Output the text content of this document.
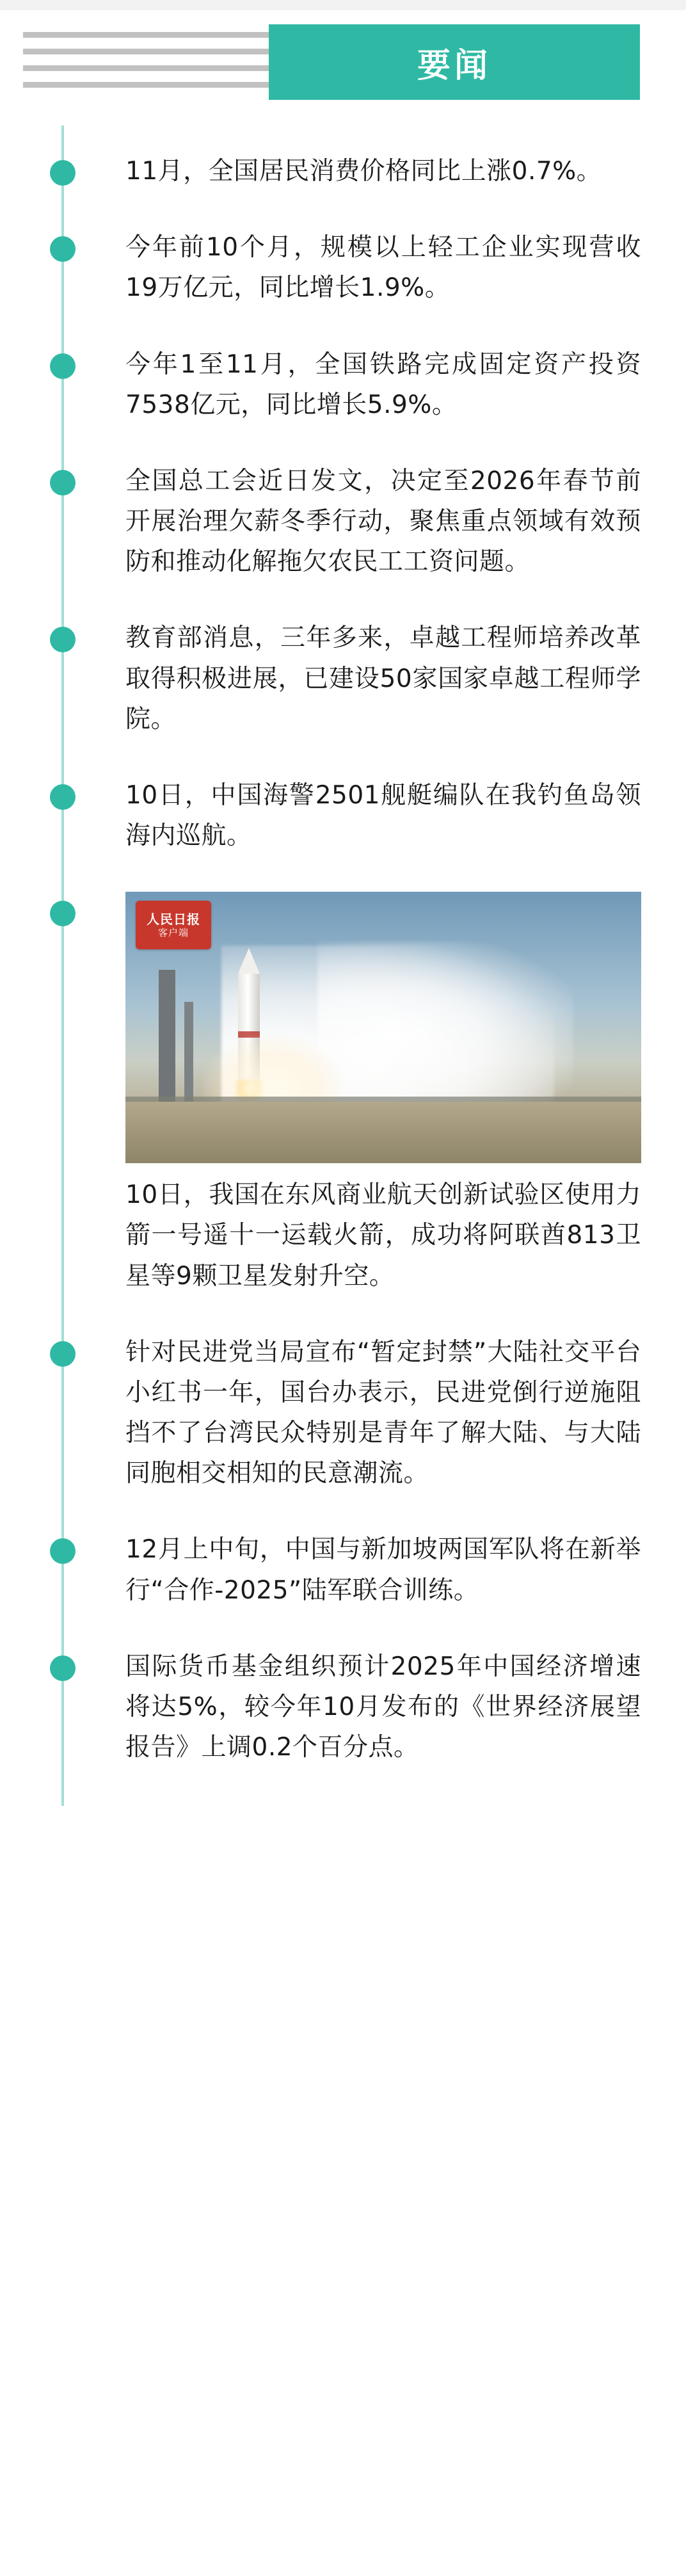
要闻
11月，全国居民消费价格同比上涨0.7%。
今年前10个月，规模以上轻工企业实现营收19万亿元，同比增长1.9%。
今年1至11月，全国铁路完成固定资产投资7538亿元，同比增长5.9%。
全国总工会近日发文，决定至2026年春节前开展治理欠薪冬季行动，聚焦重点领域有效预防和推动化解拖欠农民工工资问题。
教育部消息，三年多来，卓越工程师培养改革取得积极进展，已建设50家国家卓越工程师学院。
10日，中国海警2501舰艇编队在我钓鱼岛领海内巡航。
人民日报
客户端
10日，我国在东风商业航天创新试验区使用力箭一号遥十一运载火箭，成功将阿联酋813卫星等9颗卫星发射升空。
针对民进党当局宣布“暂定封禁”大陆社交平台小红书一年，国台办表示，民进党倒行逆施阻挡不了台湾民众特别是青年了解大陆、与大陆同胞相交相知的民意潮流。
12月上中旬，中国与新加坡两国军队将在新举行“合作-2025”陆军联合训练。
国际货币基金组织预计2025年中国经济增速将达5%，较今年10月发布的《世界经济展望报告》上调0.2个百分点。
